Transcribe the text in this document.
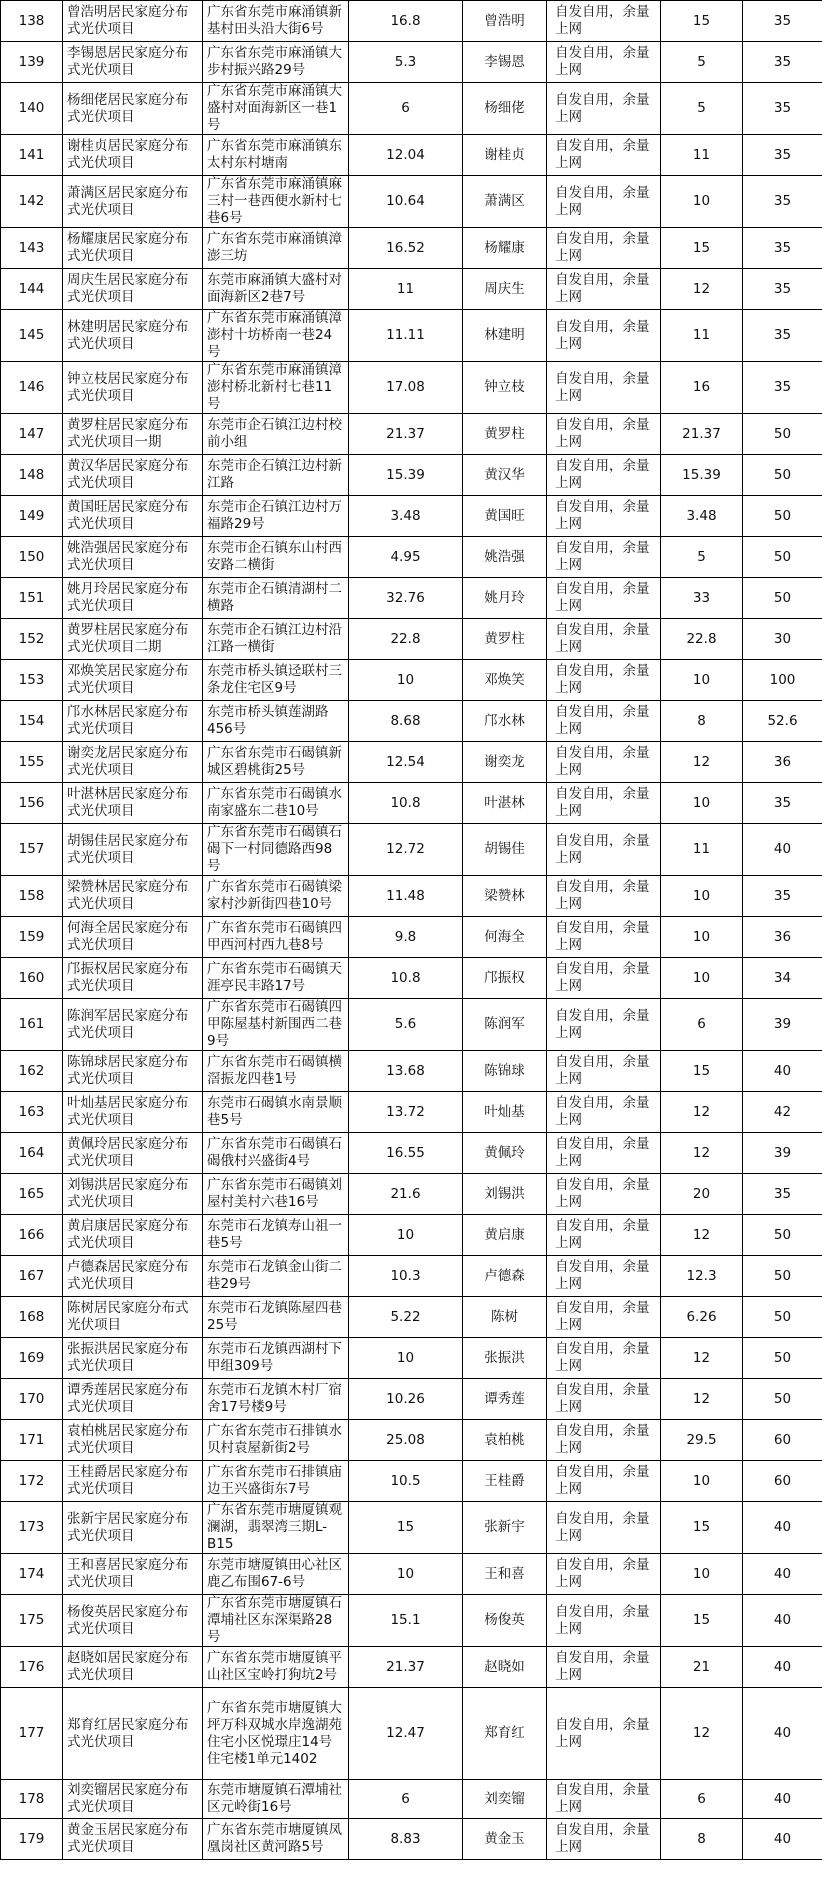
138	曾浩明居民家庭分布式光伏项目	广东省东莞市麻涌镇新基村田头沿大街6号	16.8	曾浩明	自发自用，余量上网	15	35
139	李锡恩居民家庭分布式光伏项目	广东省东莞市麻涌镇大步村振兴路29号	5.3	李锡恩	自发自用，余量上网	5	35
140	杨细佬居民家庭分布式光伏项目	广东省东莞市麻涌镇大盛村对面海新区一巷1号	6	杨细佬	自发自用，余量上网	5	35
141	谢桂贞居民家庭分布式光伏项目	广东省东莞市麻涌镇东太村东村塘南	12.04	谢桂贞	自发自用，余量上网	11	35
142	萧满区居民家庭分布式光伏项目	广东省东莞市麻涌镇麻三村一巷西便水新村七巷6号	10.64	萧满区	自发自用，余量上网	10	35
143	杨耀康居民家庭分布式光伏项目	广东省东莞市麻涌镇漳澎三坊	16.52	杨耀康	自发自用，余量上网	15	35
144	周庆生居民家庭分布式光伏项目	东莞市麻涌镇大盛村对面海新区2巷7号	11	周庆生	自发自用，余量上网	12	35
145	林建明居民家庭分布式光伏项目	广东省东莞市麻涌镇漳澎村十坊桥南一巷24号	11.11	林建明	自发自用，余量上网	11	35
146	钟立枝居民家庭分布式光伏项目	广东省东莞市麻涌镇漳澎村桥北新村七巷11号	17.08	钟立枝	自发自用，余量上网	16	35
147	黄罗柱居民家庭分布式光伏项目一期	东莞市企石镇江边村校前小组	21.37	黄罗柱	自发自用，余量上网	21.37	50
148	黄汉华居民家庭分布式光伏项目	东莞市企石镇江边村新江路	15.39	黄汉华	自发自用，余量上网	15.39	50
149	黄国旺居民家庭分布式光伏项目	东莞市企石镇江边村万福路29号	3.48	黄国旺	自发自用，余量上网	3.48	50
150	姚浩强居民家庭分布式光伏项目	东莞市企石镇东山村西安路二横街	4.95	姚浩强	自发自用，余量上网	5	50
151	姚月玲居民家庭分布式光伏项目	东莞市企石镇清湖村二横路	32.76	姚月玲	自发自用，余量上网	33	50
152	黄罗柱居民家庭分布式光伏项目二期	东莞市企石镇江边村沿江路一横街	22.8	黄罗柱	自发自用，余量上网	22.8	30
153	邓焕笑居民家庭分布式光伏项目	东莞市桥头镇迳联村三条龙住宅区9号	10	邓焕笑	自发自用，余量上网	10	100
154	邝水林居民家庭分布式光伏项目	东莞市桥头镇莲湖路456号	8.68	邝水林	自发自用，余量上网	8	52.6
155	谢奕龙居民家庭分布式光伏项目	广东省东莞市石碣镇新城区碧桃街25号	12.54	谢奕龙	自发自用，余量上网	12	36
156	叶湛林居民家庭分布式光伏项目	广东省东莞市石碣镇水南家盛东二巷10号	10.8	叶湛林	自发自用，余量上网	10	35
157	胡锡佳居民家庭分布式光伏项目	广东省东莞市石碣镇石碣下一村同德路西98号	12.72	胡锡佳	自发自用，余量上网	11	40
158	梁赞林居民家庭分布式光伏项目	广东省东莞市石碣镇梁家村沙新街四巷10号	11.48	梁赞林	自发自用，余量上网	10	35
159	何海全居民家庭分布式光伏项目	广东省东莞市石碣镇四甲西河村西九巷8号	9.8	何海全	自发自用，余量上网	10	36
160	邝振权居民家庭分布式光伏项目	广东省东莞市石碣镇天涯亭民丰路17号	10.8	邝振权	自发自用，余量上网	10	34
161	陈润军居民家庭分布式光伏项目	广东省东莞市石碣镇四甲陈屋基村新围西二巷9号	5.6	陈润军	自发自用，余量上网	6	39
162	陈锦球居民家庭分布式光伏项目	广东省东莞市石碣镇横滘振龙四巷1号	13.68	陈锦球	自发自用，余量上网	15	40
163	叶灿基居民家庭分布式光伏项目	东莞市石碣镇水南景顺巷5号	13.72	叶灿基	自发自用，余量上网	12	42
164	黄佩玲居民家庭分布式光伏项目	广东省东莞市石碣镇石碣俄村兴盛街4号	16.55	黄佩玲	自发自用，余量上网	12	39
165	刘锡洪居民家庭分布式光伏项目	广东省东莞市石碣镇刘屋村美村六巷16号	21.6	刘锡洪	自发自用，余量上网	20	35
166	黄启康居民家庭分布式光伏项目	东莞市石龙镇寿山祖一巷5号	10	黄启康	自发自用，余量上网	12	50
167	卢德森居民家庭分布式光伏项目	东莞市石龙镇金山街二巷29号	10.3	卢德森	自发自用，余量上网	12.3	50
168	陈树居民家庭分布式光伏项目	东莞市石龙镇陈屋四巷25号	5.22	陈树	自发自用，余量上网	6.26	50
169	张振洪居民家庭分布式光伏项目	东莞市石龙镇西湖村下甲组309号	10	张振洪	自发自用，余量上网	12	50
170	谭秀莲居民家庭分布式光伏项目	东莞市石龙镇木村厂宿舍17号楼9号	10.26	谭秀莲	自发自用，余量上网	12	50
171	袁柏桃居民家庭分布式光伏项目	广东省东莞市石排镇水贝村袁屋新街2号	25.08	袁柏桃	自发自用，余量上网	29.5	60
172	王桂爵居民家庭分布式光伏项目	广东省东莞市石排镇庙边王兴盛街东7号	10.5	王桂爵	自发自用，余量上网	10	60
173	张新宇居民家庭分布式光伏项目	广东省东莞市塘厦镇观澜湖，翡翠湾三期L-B15	15	张新宇	自发自用，余量上网	15	40
174	王和喜居民家庭分布式光伏项目	东莞市塘厦镇田心社区鹿乙布围67-6号	10	王和喜	自发自用，余量上网	10	40
175	杨俊英居民家庭分布式光伏项目	广东省东莞市塘厦镇石潭埔社区东深渠路28号	15.1	杨俊英	自发自用，余量上网	15	40
176	赵晓如居民家庭分布式光伏项目	广东省东莞市塘厦镇平山社区宝岭打狗坑2号	21.37	赵晓如	自发自用，余量上网	21	40
177	郑育红居民家庭分布式光伏项目	广东省东莞市塘厦镇大坪万科双城水岸逸湖苑住宅小区悦璟庄14号住宅楼1单元1402	12.47	郑育红	自发自用，余量上网	12	40
178	刘奕镏居民家庭分布式光伏项目	东莞市塘厦镇石潭埔社区元岭街16号	6	刘奕镏	自发自用，余量上网	6	40
179	黄金玉居民家庭分布式光伏项目	广东省东莞市塘厦镇凤凰岗社区黄河路5号	8.83	黄金玉	自发自用，余量上网	8	40
